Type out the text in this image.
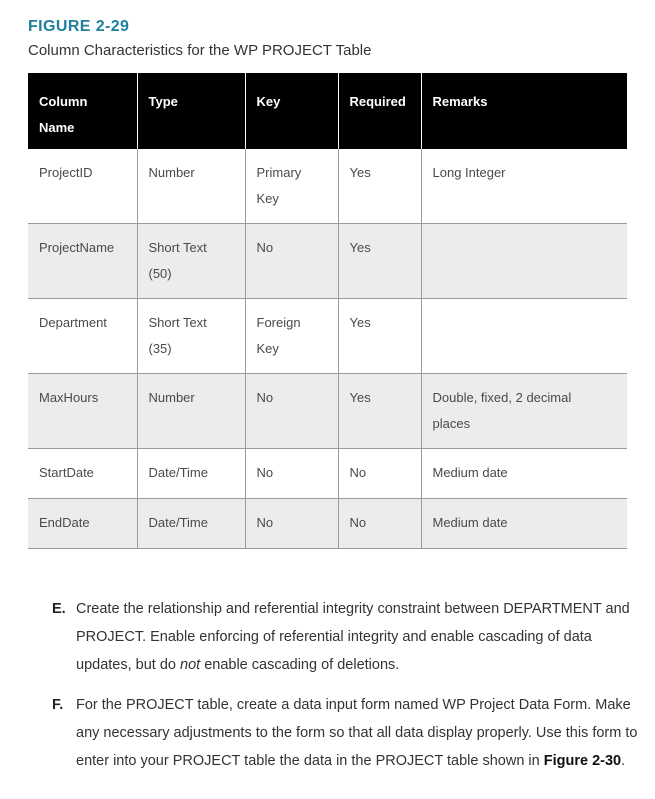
FIGURE 2-29
Column Characteristics for the WP PROJECT Table
Column Name	Type	Key	Required	Remarks
ProjectID	Number	Primary Key	Yes	Long Integer
ProjectName	Short Text (50)	No	Yes	
Department	Short Text (35)	Foreign Key	Yes	
MaxHours	Number	No	Yes	Double, fixed, 2 decimal places
StartDate	Date/Time	No	No	Medium date
EndDate	Date/Time	No	No	Medium date
E. Create the relationship and referential integrity constraint between DEPARTMENT and PROJECT. Enable enforcing of referential integrity and enable cascading of data updates, but do not enable cascading of deletions.
F. For the PROJECT table, create a data input form named WP Project Data Form. Make any necessary adjustments to the form so that all data display properly. Use this form to enter into your PROJECT table the data in the PROJECT table shown in Figure 2-30.
